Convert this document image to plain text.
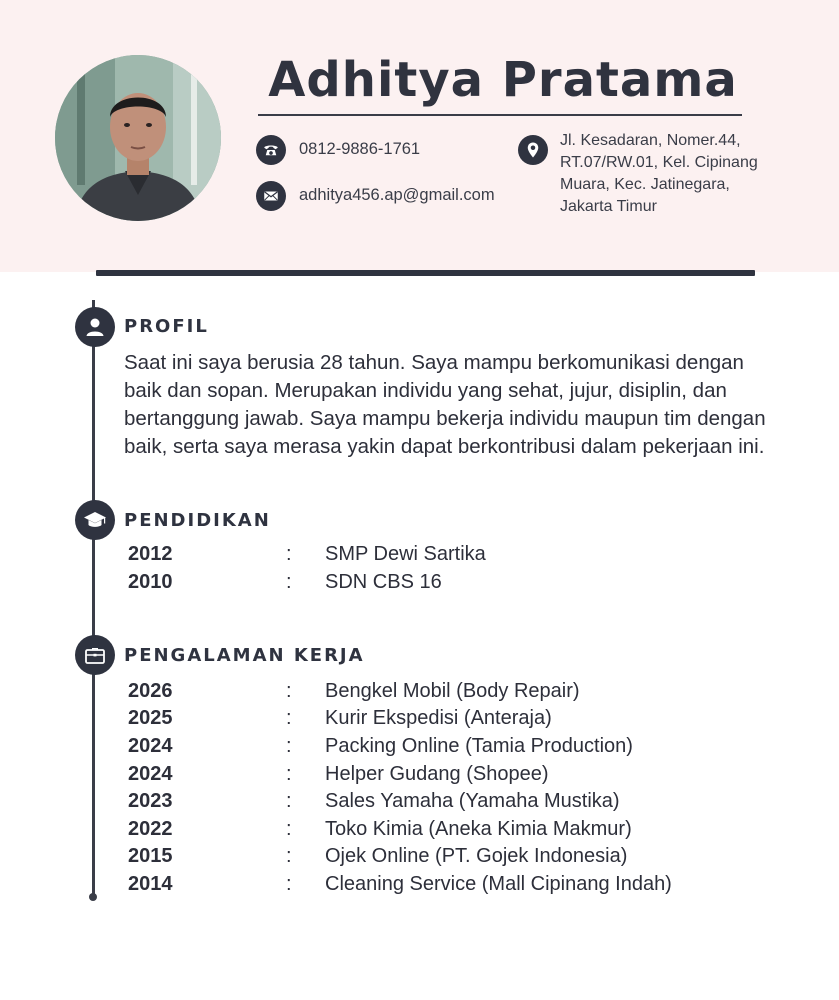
Adhitya Pratama
0812-9886-1761
adhitya456.ap@gmail.com
Jl. Kesadaran, Nomer.44,
RT.07/RW.01, Kel. Cipinang
Muara, Kec. Jatinegara,
Jakarta Timur
PROFIL
Saat ini saya berusia 28 tahun. Saya mampu berkomunikasi dengan baik dan sopan. Merupakan individu yang sehat, jujur, disiplin, dan bertanggung jawab. Saya mampu bekerja individu maupun tim dengan baik, serta saya merasa yakin dapat berkontribusi dalam pekerjaan ini.
PENDIDIKAN
2012	: SMP Dewi Sartika
2010	: SDN CBS 16
PENGALAMAN KERJA
2026	: Bengkel Mobil (Body Repair)
2025	: Kurir Ekspedisi (Anteraja)
2024	: Packing Online (Tamia Production)
2024	: Helper Gudang (Shopee)
2023	: Sales Yamaha (Yamaha Mustika)
2022	: Toko Kimia (Aneka Kimia Makmur)
2015	: Ojek Online (PT. Gojek Indonesia)
2014	: Cleaning Service (Mall Cipinang Indah)
